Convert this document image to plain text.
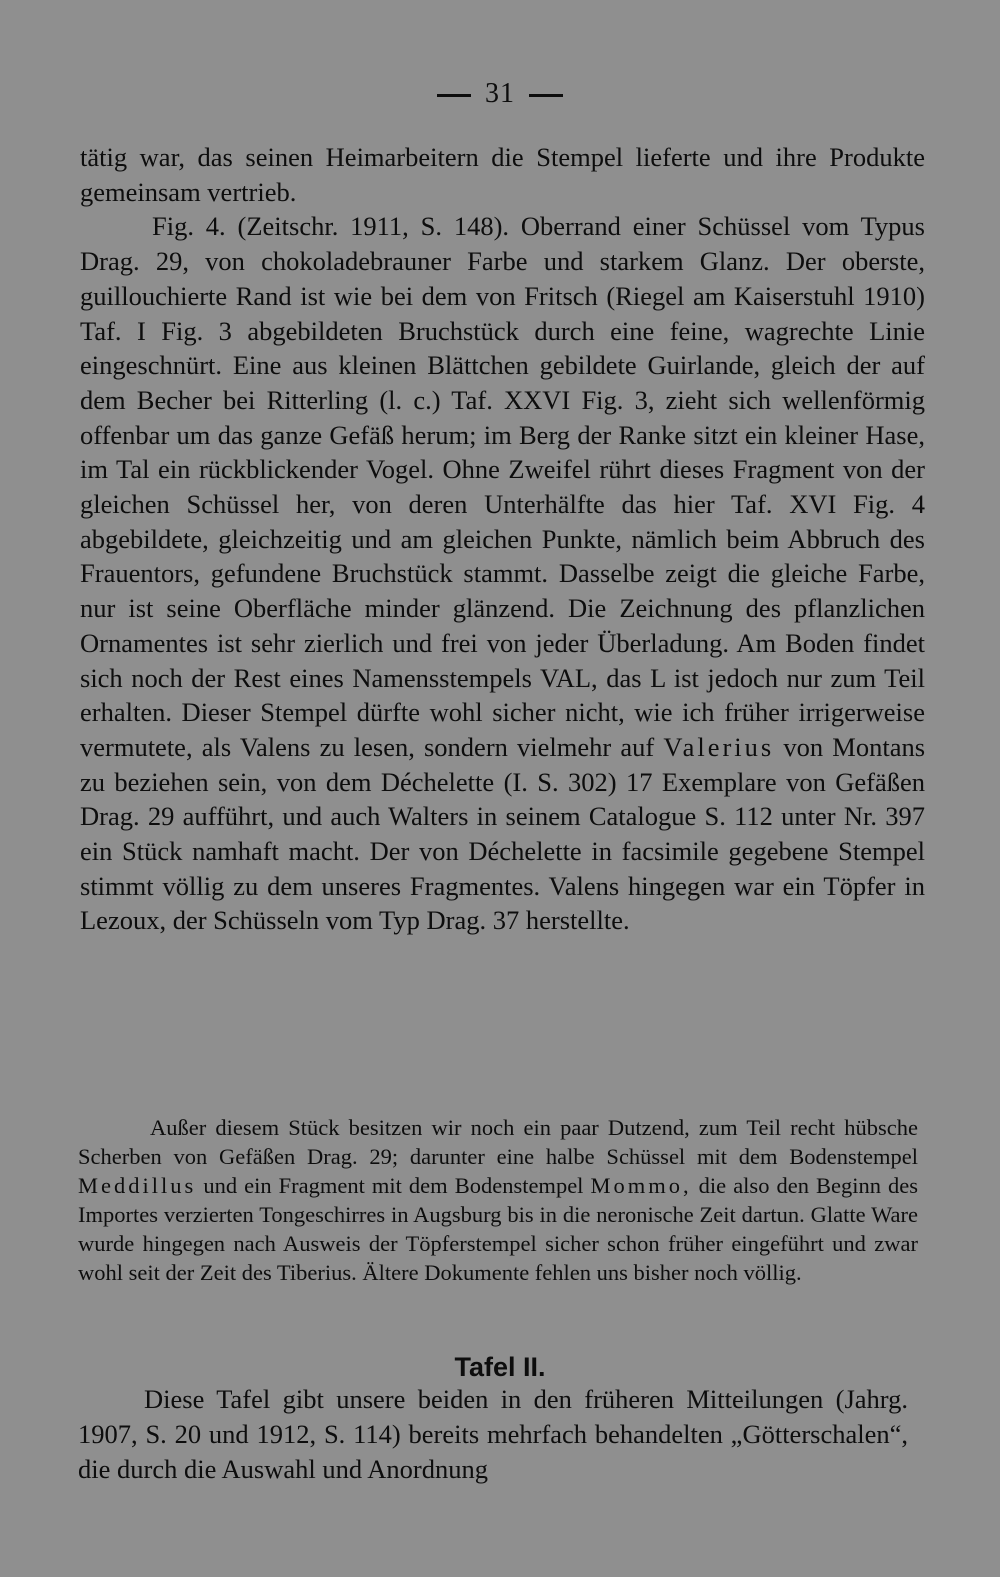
31

tätig war, das seinen Heimarbeitern die Stempel lieferte und ihre Produkte gemeinsam vertrieb.

Fig. 4. (Zeitschr. 1911, S. 148). Oberrand einer Schüssel vom Typus Drag. 29, von chokoladebrauner Farbe und starkem Glanz. Der oberste, guillouchierte Rand ist wie bei dem von Fritsch (Riegel am Kaiserstuhl 1910) Taf. I Fig. 3 abgebildeten Bruchstück durch eine feine, wagrechte Linie eingeschnürt. Eine aus kleinen Blättchen gebildete Guirlande, gleich der auf dem Becher bei Ritterling (l. c.) Taf. XXVI Fig. 3, zieht sich wellenförmig offenbar um das ganze Gefäß herum; im Berg der Ranke sitzt ein kleiner Hase, im Tal ein rückblickender Vogel. Ohne Zweifel rührt dieses Fragment von der gleichen Schüssel her, von deren Unterhälfte das hier Taf. XVI Fig. 4 abgebildete, gleichzeitig und am gleichen Punkte, nämlich beim Abbruch des Frauentors, gefundene Bruchstück stammt. Dasselbe zeigt die gleiche Farbe, nur ist seine Oberfläche minder glänzend. Die Zeichnung des pflanzlichen Ornamentes ist sehr zierlich und frei von jeder Überladung. Am Boden findet sich noch der Rest eines Namensstempels VAL, das L ist jedoch nur zum Teil erhalten. Dieser Stempel dürfte wohl sicher nicht, wie ich früher irrigerweise vermutete, als Valens zu lesen, sondern vielmehr auf Valerius von Montans zu beziehen sein, von dem Déchelette (I. S. 302) 17 Exemplare von Gefäßen Drag. 29 aufführt, und auch Walters in seinem Catalogue S. 112 unter Nr. 397 ein Stück namhaft macht. Der von Déchelette in facsimile gegebene Stempel stimmt völlig zu dem unseres Fragmentes. Valens hingegen war ein Töpfer in Lezoux, der Schüsseln vom Typ Drag. 37 herstellte.

Außer diesem Stück besitzen wir noch ein paar Dutzend, zum Teil recht hübsche Scherben von Gefäßen Drag. 29; darunter eine halbe Schüssel mit dem Bodenstempel Meddillus und ein Fragment mit dem Bodenstempel Mommo, die also den Beginn des Importes verzierten Tongeschirres in Augsburg bis in die neronische Zeit dartun. Glatte Ware wurde hingegen nach Ausweis der Töpferstempel sicher schon früher eingeführt und zwar wohl seit der Zeit des Tiberius. Ältere Dokumente fehlen uns bisher noch völlig.

Tafel II.

Diese Tafel gibt unsere beiden in den früheren Mitteilungen (Jahrg. 1907, S. 20 und 1912, S. 114) bereits mehrfach behandelten „Götterschalen“, die durch die Auswahl und Anordnung
